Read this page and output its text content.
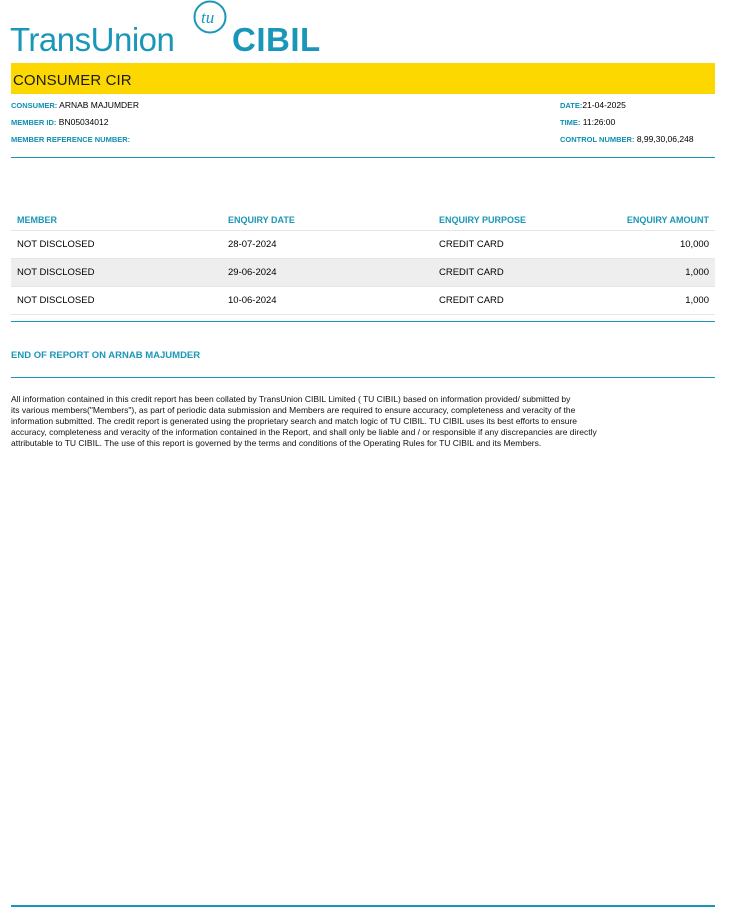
TransUnion
tu
CIBIL
CONSUMER CIR
CONSUMER: ARNAB MAJUMDER
MEMBER ID: BN05034012
MEMBER REFERENCE NUMBER:
DATE:21-04-2025
TIME: 11:26:00
CONTROL NUMBER: 8,99,30,06,248
MEMBER	ENQUIRY DATE	ENQUIRY PURPOSE	ENQUIRY AMOUNT
NOT DISCLOSED	28-07-2024	CREDIT CARD	10,000
NOT DISCLOSED	29-06-2024	CREDIT CARD	1,000
NOT DISCLOSED	10-06-2024	CREDIT CARD	1,000
END OF REPORT ON ARNAB MAJUMDER
All information contained in this credit report has been collated by TransUnion CIBIL Limited ( TU CIBIL) based on information provided/ submitted by
its various members("Members"), as part of periodic data submission and Members are required to ensure accuracy, completeness and veracity of the
information submitted. The credit report is generated using the proprietary search and match logic of TU CIBIL. TU CIBIL uses its best efforts to ensure
accuracy, completeness and veracity of the information contained in the Report, and shall only be liable and / or responsible if any discrepancies are directly
attributable to TU CIBIL. The use of this report is governed by the terms and conditions of the Operating Rules for TU CIBIL and its Members.
